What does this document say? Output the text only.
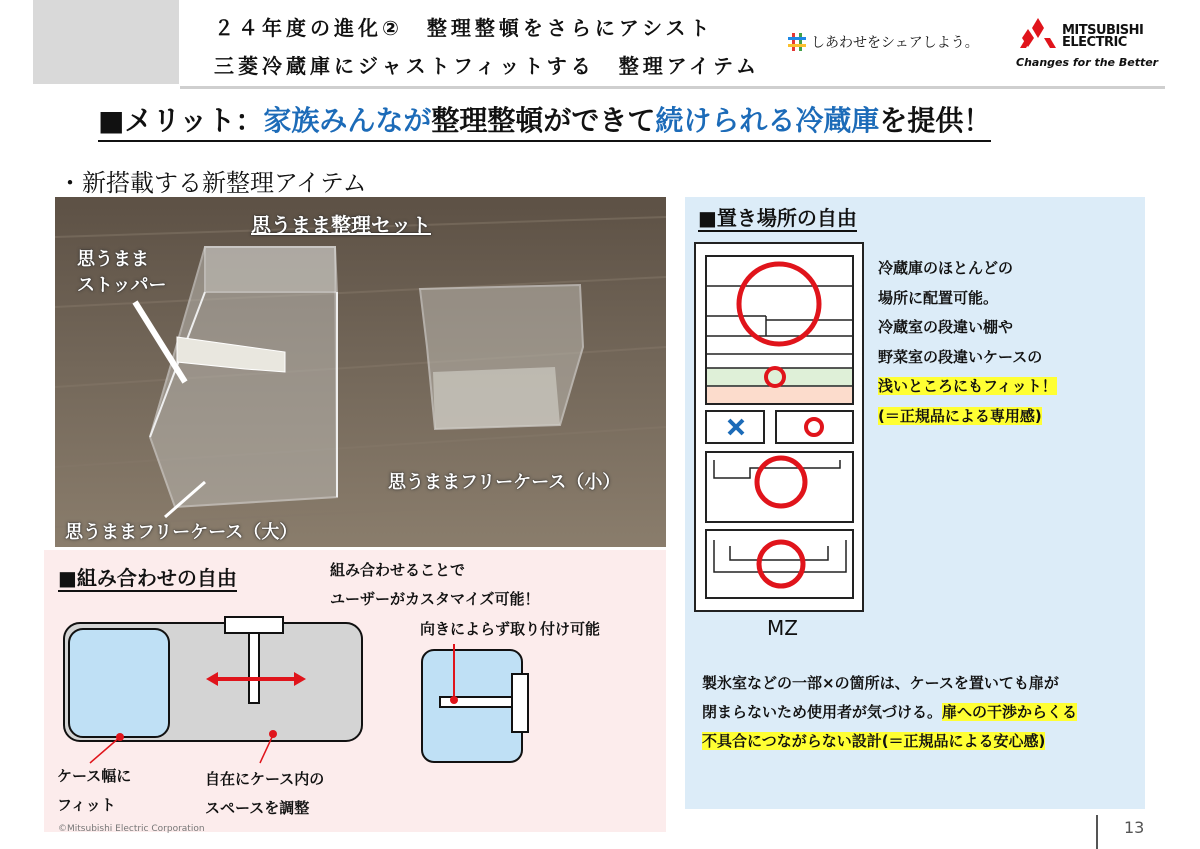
２４年度の進化②　整理整頓をさらにアシスト
三菱冷蔵庫にジャストフィットする　整理アイテム
しあわせをシェアしよう。
MITSUBISHI
ELECTRIC
Changes for the Better
■メリット：家族みんなが整理整頓ができて続けられる冷蔵庫を提供！
・新搭載する新整理アイテム
思うまま整理セット
思うまま
ストッパー
思うままフリーケース（小）
思うままフリーケース（大）
■組み合わせの自由	組み合わせることで
ユーザーがカスタマイズ可能！
向きによらず取り付け可能
ケース幅に
フィット
自在にケース内の
スペースを調整
■置き場所の自由
冷蔵庫のほとんどの
場所に配置可能。
冷蔵室の段違い棚や
野菜室の段違いケースの
浅いところにもフィット！
(＝正規品による専用感)
MZ
製氷室などの一部×の箇所は、ケースを置いても扉が
閉まらないため使用者が気づける。扉への干渉からくる
不具合につながらない設計(＝正規品による安心感)
©Mitsubishi Electric Corporation	13
